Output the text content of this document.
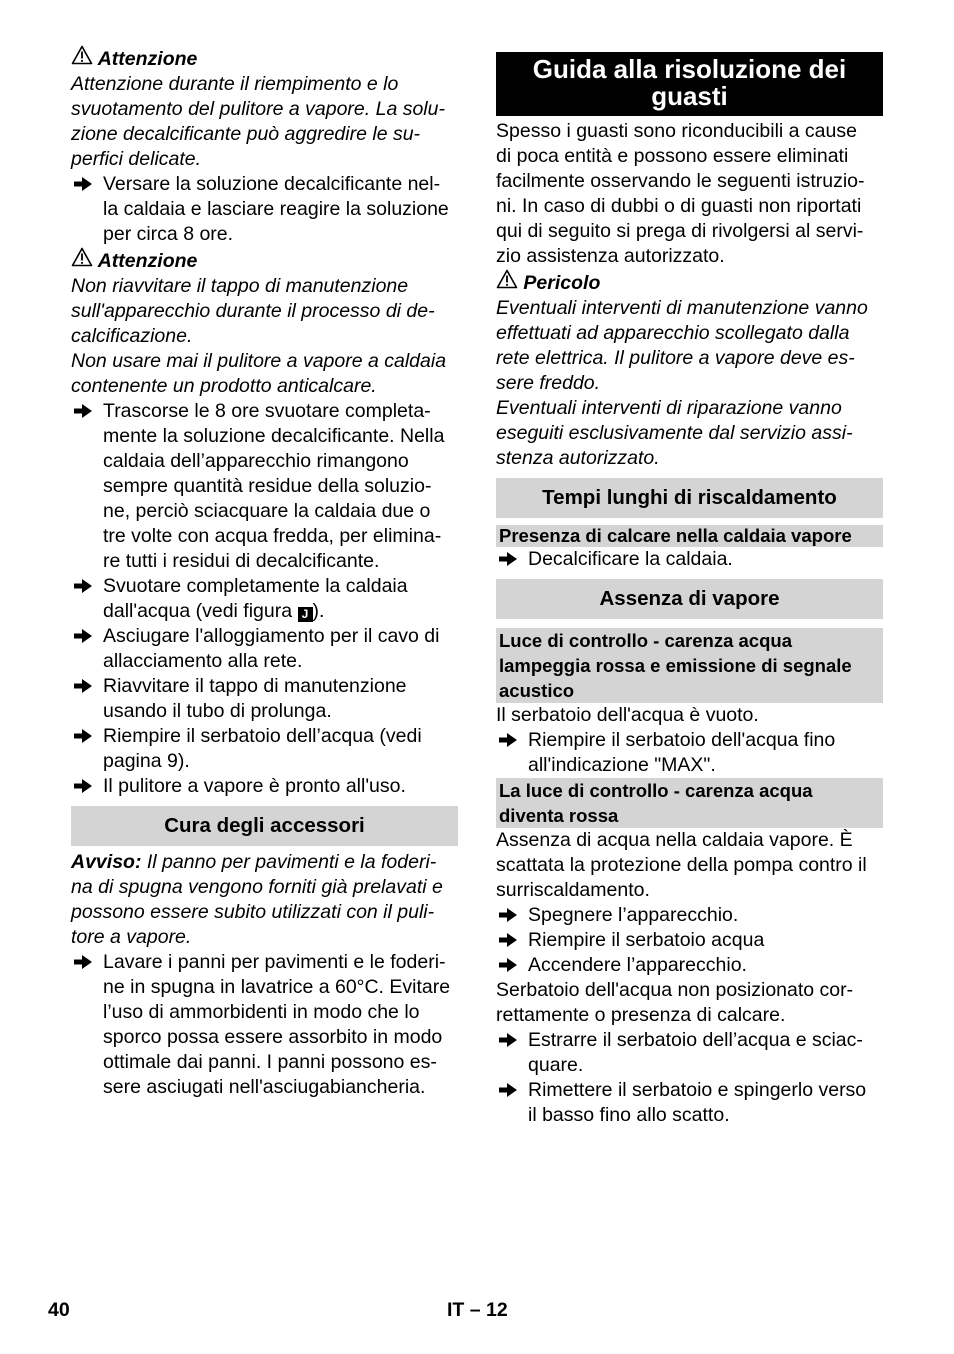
Attenzione
Attenzione durante il riempimento e lo
svuotamento del pulitore a vapore. La solu-
zione decalcificante può aggredire le su-
perfici delicate.
Versare la soluzione decalcificante nel-
la caldaia e lasciare reagire la soluzione
per circa 8 ore.
Attenzione
Non riavvitare il tappo di manutenzione
sull'apparecchio durante il processo di de-
calcificazione.
Non usare mai il pulitore a vapore a caldaia
contenente un prodotto anticalcare.
Trascorse le 8 ore svuotare completa-
mente la soluzione decalcificante. Nella
caldaia dell’apparecchio rimangono
sempre quantità residue della soluzio-
ne, perciò sciacquare la caldaia due o
tre volte con acqua fredda, per elimina-
re tutti i residui di decalcificante.
Svuotare completamente la caldaia
dall'acqua (vedi figura J ).
Asciugare l'alloggiamento per il cavo di
allacciamento alla rete.
Riavvitare il tappo di manutenzione
usando il tubo di prolunga.
Riempire il serbatoio dell’acqua (vedi
pagina 9).
Il pulitore a vapore è pronto all'uso.
Cura degli accessori
Avviso: Il panno per pavimenti e la foderi-
na di spugna vengono forniti già prelavati e
possono essere subito utilizzati con il puli-
tore a vapore.
Lavare i panni per pavimenti e le foderi-
ne in spugna in lavatrice a 60°C. Evitare
l’uso di ammorbidenti in modo che lo
sporco possa essere assorbito in modo
ottimale dai panni. I panni possono es-
sere asciugati nell'asciugabiancheria.
Guida alla risoluzione dei
guasti
Spesso i guasti sono riconducibili a cause
di poca entità e possono essere eliminati
facilmente osservando le seguenti istruzio-
ni. In caso di dubbi o di guasti non riportati
qui di seguito si prega di rivolgersi al servi-
zio assistenza autorizzato.
Pericolo
Eventuali interventi di manutenzione vanno
effettuati ad apparecchio scollegato dalla
rete elettrica. Il pulitore a vapore deve es-
sere freddo.
Eventuali interventi di riparazione vanno
eseguiti esclusivamente dal servizio assi-
stenza autorizzato.
Tempi lunghi di riscaldamento
Presenza di calcare nella caldaia vapore
Decalcificare la caldaia.
Assenza di vapore
Luce di controllo - carenza acqua
lampeggia rossa e emissione di segnale
acustico
Il serbatoio dell'acqua è vuoto.
Riempire il serbatoio dell'acqua fino
all'indicazione "MAX".
La luce di controllo - carenza acqua
diventa rossa
Assenza di acqua nella caldaia vapore. È
scattata la protezione della pompa contro il
surriscaldamento.
Spegnere l’apparecchio.
Riempire il serbatoio acqua
Accendere l’apparecchio.
Serbatoio dell'acqua non posizionato cor-
rettamente o presenza di calcare.
Estrarre il serbatoio dell’acqua e sciac-
quare.
Rimettere il serbatoio e spingerlo verso
il basso fino allo scatto.
40	IT – 12
